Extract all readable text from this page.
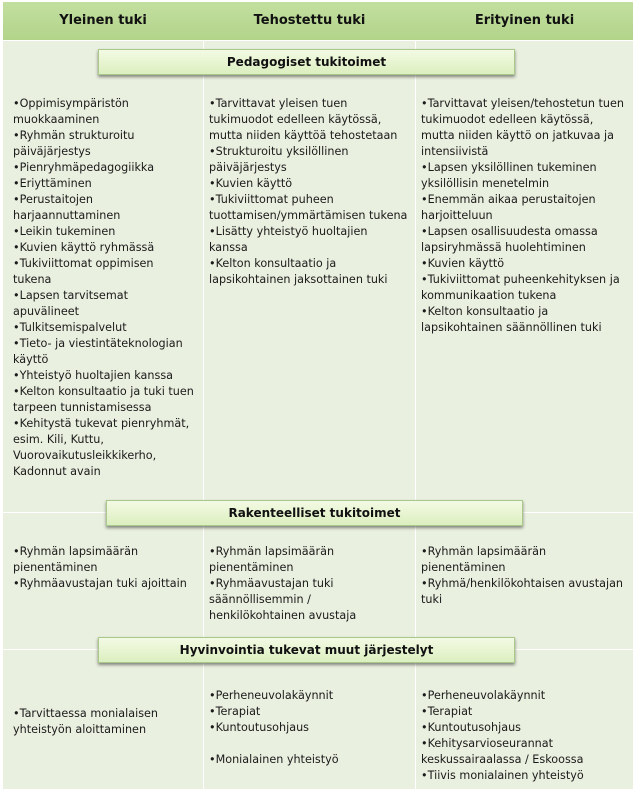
Yleinen tuki	Tehostettu tuki	Erityinen tuki
Pedagogiset tukitoimet
•Oppimisympäristön muokkaaminen
•Ryhmän strukturoitu päiväjärjestys
•Pienryhmäpedagogiikka
•Eriyttäminen
•Perustaitojen harjaannuttaminen
•Leikin tukeminen
•Kuvien käyttö ryhmässä
•Tukiviittomat oppimisen tukena
•Lapsen tarvitsemat apuvälineet
•Tulkitsemispalvelut
•Tieto- ja viestintäteknologian käyttö
•Yhteistyö huoltajien kanssa
•Kelton konsultaatio ja tuki tuen tarpeen tunnistamisessa
•Kehitystä tukevat pienryhmät, esim. Kili, Kuttu, Vuorovaikutusleikkikerho, Kadonnut avain
•Tarvittavat yleisen tuen tukimuodot edelleen käytössä, mutta niiden käyttöä tehostetaan
•Strukturoitu yksilöllinen päiväjärjestys
•Kuvien käyttö
•Tukiviittomat puheen tuottamisen/ymmärtämisen tukena
•Lisätty yhteistyö huoltajien kanssa
•Kelton konsultaatio ja lapsikohtainen jaksottainen tuki
•Tarvittavat yleisen/tehostetun tuen tukimuodot edelleen käytössä, mutta niiden käyttö on jatkuvaa ja intensiivistä
•Lapsen yksilöllinen tukeminen yksilöllisin menetelmin
•Enemmän aikaa perustaitojen harjoitteluun
•Lapsen osallisuudesta omassa lapsiryhmässä huolehtiminen
•Kuvien käyttö
•Tukiviittomat puheenkehityksen ja kommunikaation tukena
•Kelton konsultaatio ja lapsikohtainen säännöllinen tuki
Rakenteelliset tukitoimet
•Ryhmän lapsimäärän pienentäminen
•Ryhmäavustajan tuki ajoittain
•Ryhmän lapsimäärän pienentäminen
•Ryhmäavustajan tuki säännöllisemmin / henkilökohtainen avustaja
•Ryhmän lapsimäärän pienentäminen
•Ryhmä/henkilökohtaisen avustajan tuki
Hyvinvointia tukevat muut järjestelyt
•Tarvittaessa monialaisen yhteistyön aloittaminen
•Perheneuvolakäynnit
•Terapiat
•Kuntoutusohjaus
•Monialainen yhteistyö
•Perheneuvolakäynnit
•Terapiat
•Kuntoutusohjaus
•Kehitysarvioseurannat keskussairaalassa / Eskoossa
•Tiivis monialainen yhteistyö
